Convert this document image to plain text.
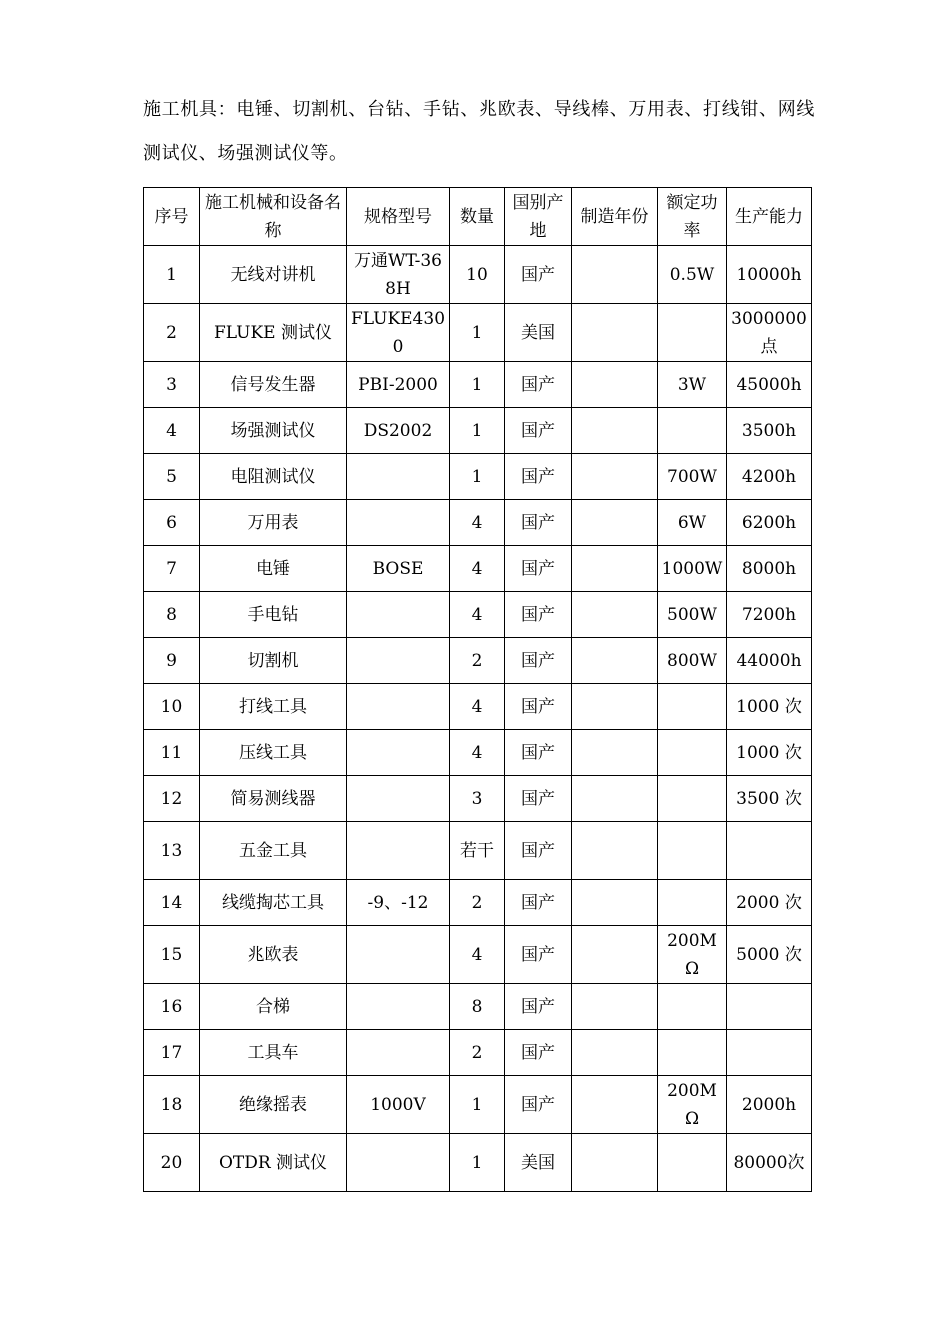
施工机具：电锤、切割机、台钻、手钻、兆欧表、导线棒、万用表、打线钳、网线测试仪、场强测试仪等。

序号	施工机械和设备名称	规格型号	数量	国别产地	制造年份	额定功率	生产能力
1	无线对讲机	万通WT-368H	10	国产		0.5W	10000h
2	FLUKE 测试仪	FLUKE4300	1	美国			3000000点
3	信号发生器	PBI-2000	1	国产		3W	45000h
4	场强测试仪	DS2002	1	国产			3500h
5	电阻测试仪		1	国产		700W	4200h
6	万用表		4	国产		6W	6200h
7	电锤	BOSE	4	国产		1000W	8000h
8	手电钻		4	国产		500W	7200h
9	切割机		2	国产		800W	44000h
10	打线工具		4	国产			1000 次
11	压线工具		4	国产			1000 次
12	简易测线器		3	国产			3500 次
13	五金工具		若干	国产			
14	线缆掏芯工具	-9、-12	2	国产			2000 次
15	兆欧表		4	国产		200MΩ	5000 次
16	合梯		8	国产			
17	工具车		2	国产			
18	绝缘摇表	1000V	1	国产		200MΩ	2000h
20	OTDR 测试仪		1	美国			80000次
